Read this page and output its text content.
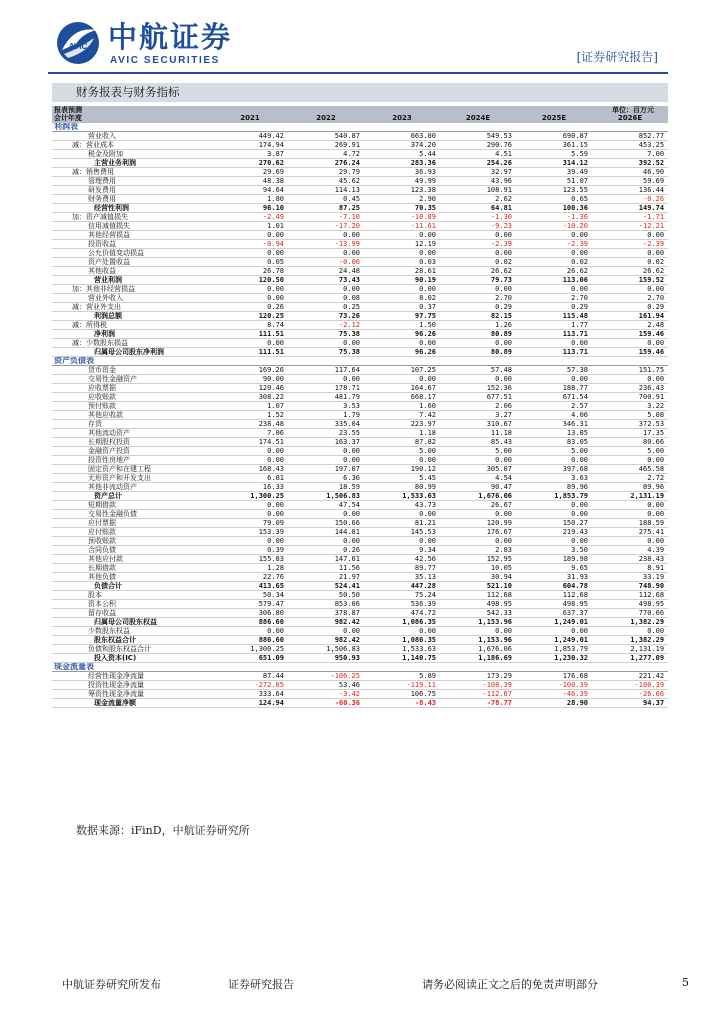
AVIC 中航证券
AVIC SECURITIES	[证券研究报告]
财务报表与财务指标
报表预测	单位：百万元					
会计年度	2021	2022	2023	2024E	2025E	2026E
利润表						
营业收入	449.42	540.87	663.00	549.53	690.87	852.77
减：营业成本	174.94	269.91	374.20	290.76	361.15	453.25
税金及附加	3.87	4.72	5.44	4.51	5.59	7.00
主营业务利润	270.62	276.24	283.36	254.26	314.12	392.52
减：销售费用	29.69	29.79	36.93	32.97	39.49	46.90
管理费用	48.38	45.62	49.99	43.96	51.07	59.69
研发费用	94.64	114.13	123.38	108.91	123.55	136.44
财务费用	1.80	0.45	2.90	2.62	0.65	-0.26
经营性利润	96.10	87.25	70.35	64.81	100.36	149.74
加：资产减值损失	-2.49	-7.10	-10.89	-1.30	-1.36	-1.71
信用减值损失	1.01	-17.20	-11.61	-9.23	-10.20	-12.21
其他经营损益	0.00	0.00	0.00	0.00	0.00	0.00
投资收益	-0.94	-13.99	12.19	-2.39	-2.39	-2.39
公允价值变动损益	0.00	0.00	0.00	0.00	0.00	0.00
资产处置收益	0.05	-0.06	0.03	0.02	0.02	0.02
其他收益	26.78	24.48	28.61	26.62	26.62	26.62
营业利润	120.50	73.43	90.19	79.73	113.06	159.52
加：其他非经营损益	0.00	0.00	0.00	0.00	0.00	0.00
营业外收入	0.00	0.08	8.02	2.70	2.70	2.70
减：营业外支出	0.26	0.25	0.37	0.29	0.29	0.29
利润总额	120.25	73.26	97.75	82.15	115.48	161.94
减：所得税	8.74	-2.12	1.50	1.26	1.77	2.48
净利润	111.51	75.38	96.26	80.89	113.71	159.46
减：少数股东损益	0.00	0.00	0.00	0.00	0.00	0.00
归属母公司股东净利润	111.51	75.38	96.26	80.89	113.71	159.46
资产负债表						
货币资金	169.26	117.64	107.25	57.48	57.38	151.75
交易性金融资产	90.00	0.00	0.00	0.00	0.00	0.00
应收票据	120.46	178.71	164.67	152.36	188.77	236.43
应收账款	308.22	481.79	668.17	677.51	671.54	700.91
预付账款	1.07	3.53	1.60	2.06	2.57	3.22
其他应收款	1.52	1.79	7.42	3.27	4.06	5.08
存货	238.48	335.04	223.97	310.67	346.31	372.53
其他流动资产	7.06	23.55	1.18	11.18	13.85	17.35
长期股权投资	174.51	163.37	87.82	85.43	83.05	80.66
金融资产投资	0.00	0.00	5.00	5.00	5.00	5.00
投资性房地产	0.00	0.00	0.00	0.00	0.00	0.00
固定资产和在建工程	168.43	197.07	190.12	305.07	397.68	465.58
无形资产和开发支出	6.81	6.36	5.45	4.54	3.63	2.72
其他非流动资产	16.33	18.59	80.99	90.47	89.96	89.96
资产总计	1,300.25	1,506.83	1,533.63	1,676.06	1,853.79	2,131.19
短期借款	0.00	47.54	43.73	26.67	0.00	0.00
交易性金融负债	0.00	0.00	0.00	0.00	0.00	0.00
应付票据	79.09	150.66	81.21	120.99	150.27	188.59
应付账款	153.39	144.81	145.53	176.67	219.43	275.41
预收账款	0.00	0.00	0.00	0.00	0.00	0.00
合同负债	0.39	0.26	9.34	2.83	3.50	4.39
其他应付款	155.83	147.61	42.56	152.95	189.98	238.43
长期借款	1.28	11.56	89.77	10.05	9.65	8.91
其他负债	22.76	21.97	35.13	30.94	31.93	33.19
负债合计	413.65	524.41	447.28	521.10	604.78	748.90
股本	50.34	50.50	75.24	112.68	112.68	112.68
资本公积	579.47	853.06	536.39	498.95	498.95	498.95
留存收益	306.80	378.87	474.72	542.33	637.37	770.66
归属母公司股东权益	886.60	982.42	1,086.35	1,153.96	1,249.01	1,382.29
少数股东权益	0.00	0.00	0.00	0.00	0.00	0.00
股东权益合计	886.60	982.42	1,086.35	1,153.96	1,249.01	1,382.29
负债和股东权益合计	1,300.25	1,506.83	1,533.63	1,676.06	1,853.79	2,131.19
投入资本(IC)	651.09	950.93	1,140.75	1,186.69	1,230.32	1,277.09
现金流量表						
经营性现金净流量	87.44	-106.25	5.89	173.29	176.68	221.42
投资性现金净流量	-272.05	53.46	-119.11	-108.39	-100.39	-100.39
筹资性现金净流量	333.64	-3.42	106.75	-112.67	-46.39	-26.66
现金流量净额	124.94	-60.36	-8.43	-78.77	28.90	94.37
数据来源：iFinD，中航证券研究所
中航证券研究所发布	证券研究报告	请务必阅读正文之后的免责声明部分	5
